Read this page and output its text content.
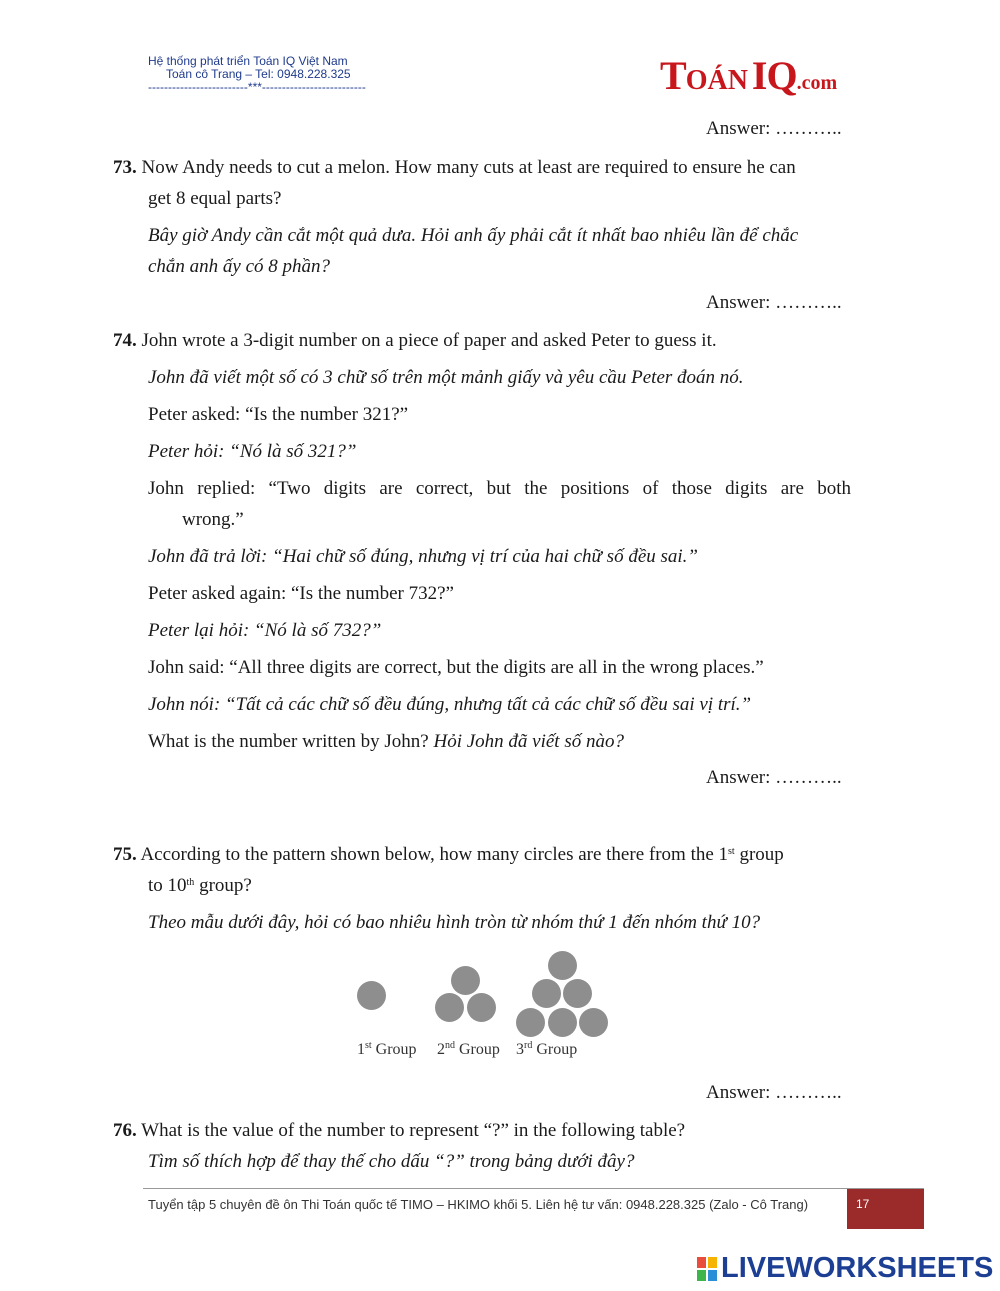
Hệ thống phát triển Toán IQ Việt Nam
Toán cô Trang – Tel: 0948.228.325
-------------------------***--------------------------	TOÁN IQ.com
Answer: ………..
73. Now Andy needs to cut a melon. How many cuts at least are required to ensure he can
get 8 equal parts?
Bây giờ Andy cần cắt một quả dưa. Hỏi anh ấy phải cắt ít nhất bao nhiêu lần để chắc
chắn anh ấy có 8 phần?
Answer: ………..
74. John wrote a 3-digit number on a piece of paper and asked Peter to guess it.
John đã viết một số có 3 chữ số trên một mảnh giấy và yêu cầu Peter đoán nó.
Peter asked: “Is the number 321?”
Peter hỏi: “Nó là số 321?”
John replied: “Two digits are correct, but the positions of those digits are both
wrong.”
John đã trả lời: “Hai chữ số đúng, nhưng vị trí của hai chữ số đều sai.”
Peter asked again: “Is the number 732?”
Peter lại hỏi: “Nó là số 732?”
John said: “All three digits are correct, but the digits are all in the wrong places.”
John nói: “Tất cả các chữ số đều đúng, nhưng tất cả các chữ số đều sai vị trí.”
What is the number written by John? Hỏi John đã viết số nào?
Answer: ………..
75. According to the pattern shown below, how many circles are there from the 1st group
to 10th group?
Theo mẫu dưới đây, hỏi có bao nhiêu hình tròn từ nhóm thứ 1 đến nhóm thứ 10?
1st Group 2nd Group 3rd Group
Answer: ………..
76. What is the value of the number to represent “?” in the following table?
Tìm số thích hợp để thay thế cho dấu “?” trong bảng dưới đây?
Tuyển tập 5 chuyên đề ôn Thi Toán quốc tế TIMO – HKIMO khối 5. Liên hệ tư vấn: 0948.228.325 (Zalo - Cô Trang)	17
LIVEWORKSHEETS
